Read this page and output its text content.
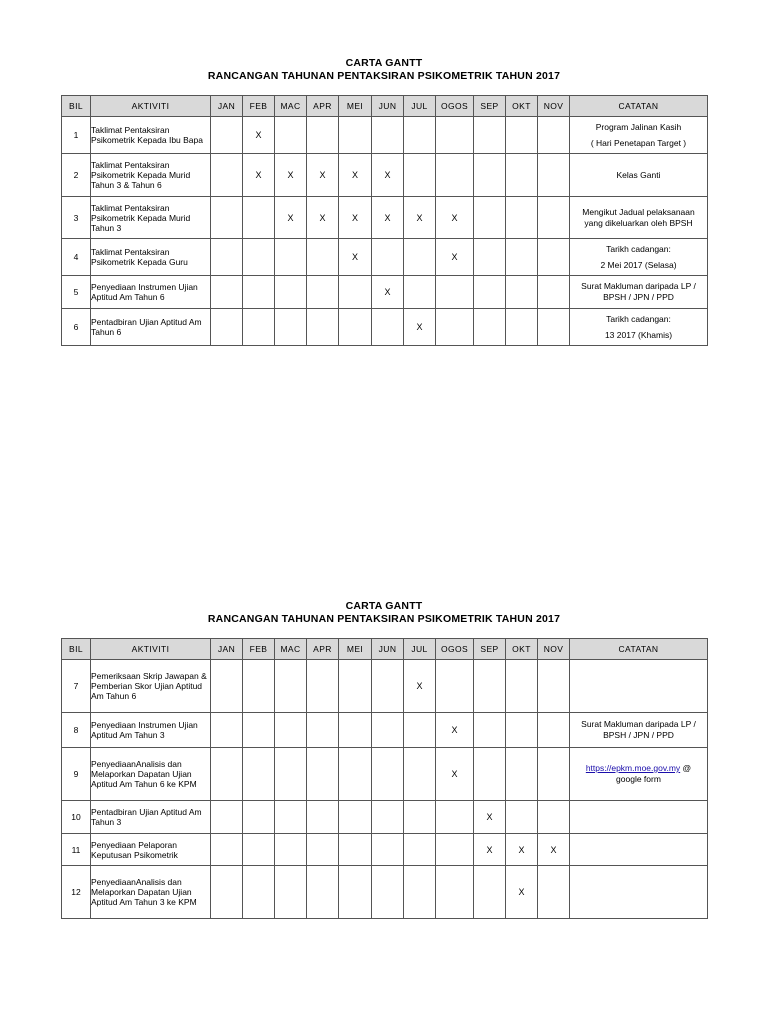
CARTA GANTT
RANCANGAN TAHUNAN PENTAKSIRAN PSIKOMETRIK TAHUN 2017
BIL	AKTIVITI	JAN	FEB	MAC	APR	MEI	JUN	JUL	OGOS	SEP	OKT	NOV	CATATAN
1	Taklimat Pentaksiran Psikometrik Kepada Ibu Bapa		X										Program Jalinan Kasih
( Hari Penetapan Target )

2	Taklimat Pentaksiran Psikometrik Kepada Murid Tahun 3 & Tahun 6		X	X	X	X	X						Kelas Ganti

3	Taklimat Pentaksiran Psikometrik Kepada Murid Tahun 3			X	X	X	X	X	X				Mengikut Jadual pelaksanaan
yang dikeluarkan oleh BPSH

4	Taklimat Pentaksiran Psikometrik Kepada Guru					X			X				Tarikh cadangan:
2 Mei 2017 (Selasa)

5	Penyediaan Instrumen Ujian Aptitud Am Tahun 6						X						Surat Makluman daripada LP /
BPSH / JPN / PPD

6	Pentadbiran Ujian Aptitud Am Tahun 6							X					Tarikh cadangan:
13 2017 (Khamis)
CARTA GANTT
RANCANGAN TAHUNAN PENTAKSIRAN PSIKOMETRIK TAHUN 2017
BIL	AKTIVITI	JAN	FEB	MAC	APR	MEI	JUN	JUL	OGOS	SEP	OKT	NOV	CATATAN
7	Pemeriksaan Skrip Jawapan & Pemberian Skor Ujian Aptitud Am Tahun 6							X					
8	Penyediaan Instrumen Ujian Aptitud Am Tahun 3								X				Surat Makluman daripada LP /
BPSH / JPN / PPD

9	PenyediaanAnalisis dan Melaporkan Dapatan Ujian Aptitud Am Tahun 6 ke KPM								X				https://epkm.moe.gov.my @
google form

10	Pentadbiran Ujian Aptitud Am Tahun 3									X			
11	Penyediaan Pelaporan Keputusan Psikometrik									X	X	X	
12	PenyediaanAnalisis dan Melaporkan Dapatan Ujian Aptitud Am Tahun 3 ke KPM										X		
